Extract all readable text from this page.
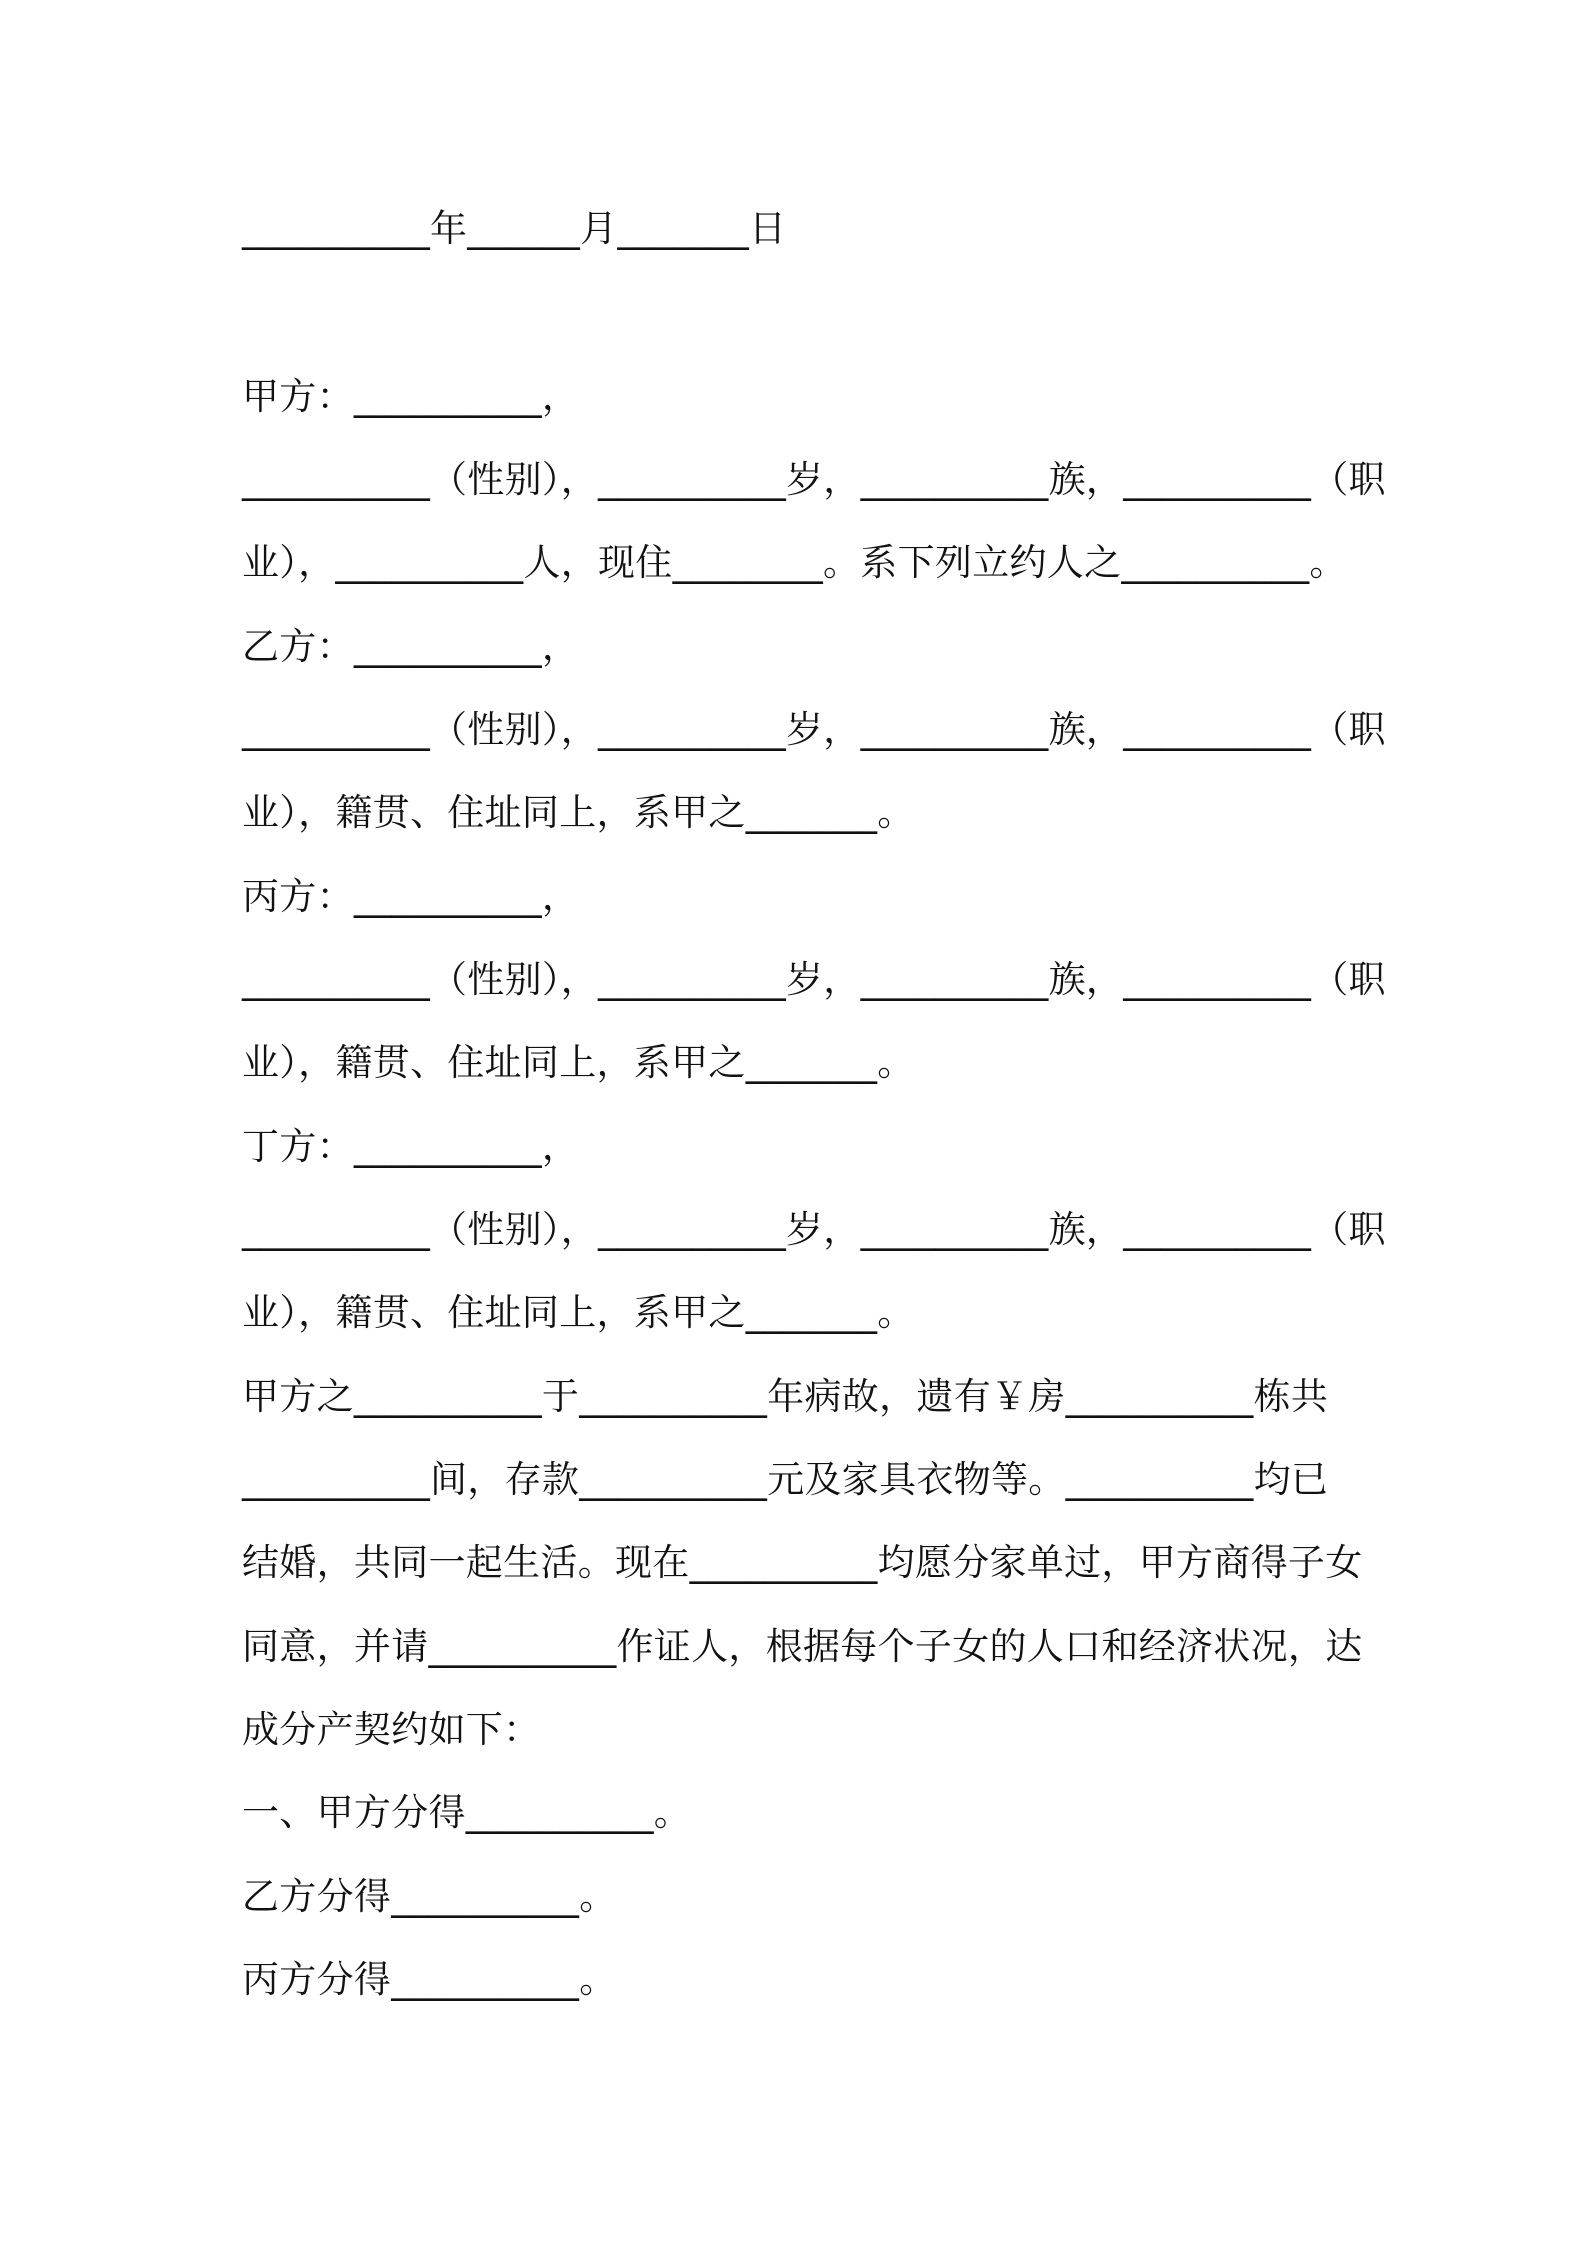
__________年______月_______日
甲方：__________，
__________（性别），__________岁，__________族，__________（职
业），__________人，现住________。系下列立约人之__________。
乙方：__________，
__________（性别），__________岁，__________族，__________（职
业），籍贯、住址同上，系甲之_______。
丙方：__________，
__________（性别），__________岁，__________族，__________（职
业），籍贯、住址同上，系甲之_______。
丁方：__________，
__________（性别），__________岁，__________族，__________（职
业），籍贯、住址同上，系甲之_______。
甲方之__________于__________年病故，遗有￥房__________栋共
__________间，存款__________元及家具衣物等。__________均已
结婚，共同一起生活。现在__________均愿分家单过，甲方商得子女
同意，并请__________作证人，根据每个子女的人口和经济状况，达
成分产契约如下：
一、甲方分得__________。
乙方分得__________。
丙方分得__________。
